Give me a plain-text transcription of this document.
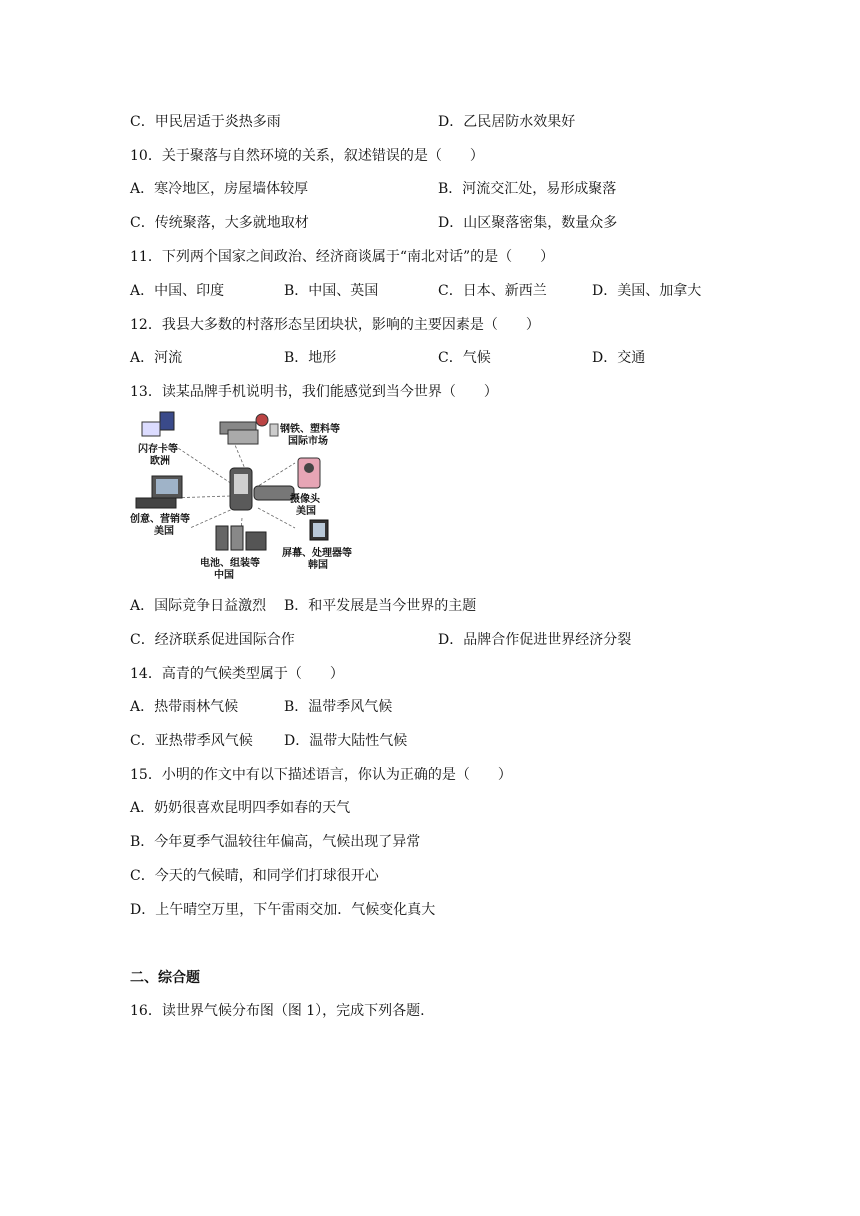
C．甲民居适于炎热多雨	D．乙民居防水效果好
10．关于聚落与自然环境的关系，叙述错误的是（　　）
A．寒冷地区，房屋墙体较厚	B．河流交汇处，易形成聚落
C．传统聚落，大多就地取材	D．山区聚落密集，数量众多
11．下列两个国家之间政治、经济商谈属于“南北对话”的是（　　）
A．中国、印度	B．中国、英国	C．日本、新西兰	D．美国、加拿大
12．我县大多数的村落形态呈团块状，影响的主要因素是（　　）
A．河流	B．地形	C．气候	D．交通
13．读某品牌手机说明书，我们能感觉到当今世界（　　）
钢铁、塑料等
国际市场
闪存卡等
欧洲
摄像头
美国
创意、营销等
美国
屏幕、处理器等
韩国
电池、组装等
中国
A．国际竞争日益激烈 B．和平发展是当今世界的主题
C．经济联系促进国际合作	D．品牌合作促进世界经济分裂
14．高青的气候类型属于（　　）
A．热带雨林气候	B．温带季风气候
C．亚热带季风气候 D．温带大陆性气候
15．小明的作文中有以下描述语言，你认为正确的是（　　）
A．奶奶很喜欢昆明四季如春的天气
B．今年夏季气温较往年偏高，气候出现了异常
C．今天的气候晴，和同学们打球很开心
D．上午晴空万里，下午雷雨交加．气候变化真大
二、综合题
16．读世界气候分布图（图 1），完成下列各题.
